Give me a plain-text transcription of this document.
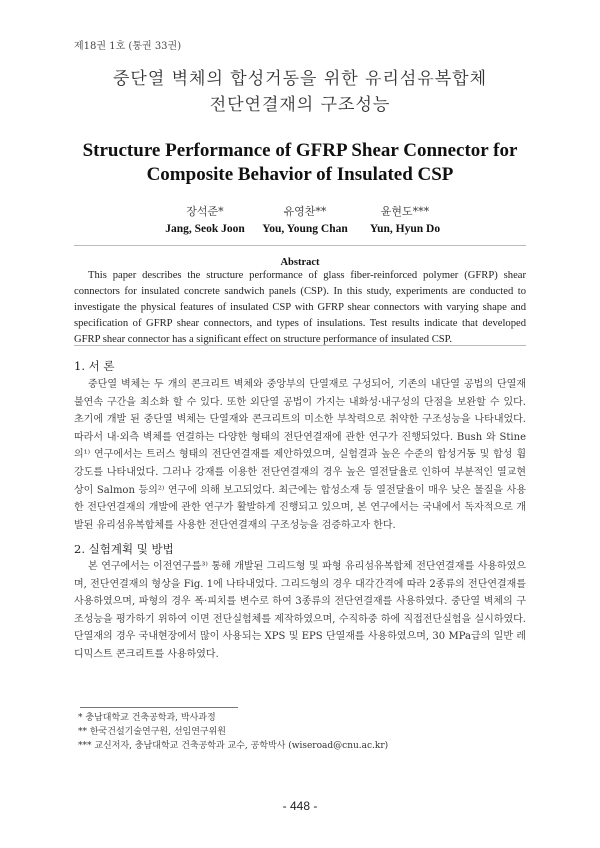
제18권 1호 (통권 33권)
중단열 벽체의 합성거동을 위한 유리섬유복합체
전단연결재의 구조성능
Structure Performance of GFRP Shear Connector for
Composite Behavior of Insulated CSP
장석준*
Jang, Seok Joon
유영찬**
You, Young Chan
윤현도***
Yun, Hyun Do
Abstract

This paper describes the structure performance of glass fiber-reinforced polymer (GFRP) shear connectors for insulated concrete sandwich panels (CSP). In this study, experiments are conducted to investigate the physical features of insulated CSP with GFRP shear connectors with varying shape and specification of GFRP shear connectors, and types of insulations. Test results indicate that developed GFRP shear connector has a significant effect on structure performance of insulated CSP.

1. 서 론

중단열 벽체는 두 개의 콘크리트 벽체와 중앙부의 단열재로 구성되어, 기존의 내단열 공법의 단열재 불연속 구간을 최소화 할 수 있다. 또한 외단열 공법이 가지는 내화성·내구성의 단점을 보완할 수 있다. 초기에 개발 된 중단열 벽체는 단열재와 콘크리트의 미소한 부착력으로 취약한 구조성능을 나타내었다. 따라서 내·외측 벽체를 연결하는 다양한 형태의 전단연결재에 관한 연구가 진행되었다. Bush 와 Stine의¹⁾ 연구에서는 트러스 형태의 전단연결재를 제안하였으며, 실험결과 높은 수준의 합성거동 및 합성 휨 강도를 나타내었다. 그러나 강재를 이용한 전단연결재의 경우 높은 열전달율로 인하여 부분적인 열교현상이 Salmon 등의²⁾ 연구에 의해 보고되었다. 최근에는 합성소재 등 열전달율이 매우 낮은 물질을 사용한 전단연결재의 개발에 관한 연구가 활발하게 진행되고 있으며, 본 연구에서는 국내에서 독자적으로 개발된 유리섬유복합체를 사용한 전단연결재의 구조성능을 검증하고자 한다.

2. 실험계획 및 방법

본 연구에서는 이전연구를³⁾ 통해 개발된 그리드형 및 파형 유리섬유복합체 전단연결재를 사용하였으며, 전단연결재의 형상을 Fig. 1에 나타내었다. 그리드형의 경우 대각간격에 따라 2종류의 전단연결재를 사용하였으며, 파형의 경우 폭·피치를 변수로 하여 3종류의 전단연결재를 사용하였다. 중단열 벽체의 구조성능을 평가하기 위하여 이면 전단실험체를 제작하였으며, 수직하중 하에 직접전단실험을 실시하였다. 단열재의 경우 국내현장에서 많이 사용되는 XPS 및 EPS 단열재를 사용하였으며, 30 MPa급의 일반 레디믹스트 콘크리트를 사용하였다.

* 충남대학교 건축공학과, 박사과정
** 한국건설기술연구원, 선임연구위원
*** 교신저자, 충남대학교 건축공학과 교수, 공학박사 (wiseroad@cnu.ac.kr)
- 448 -
